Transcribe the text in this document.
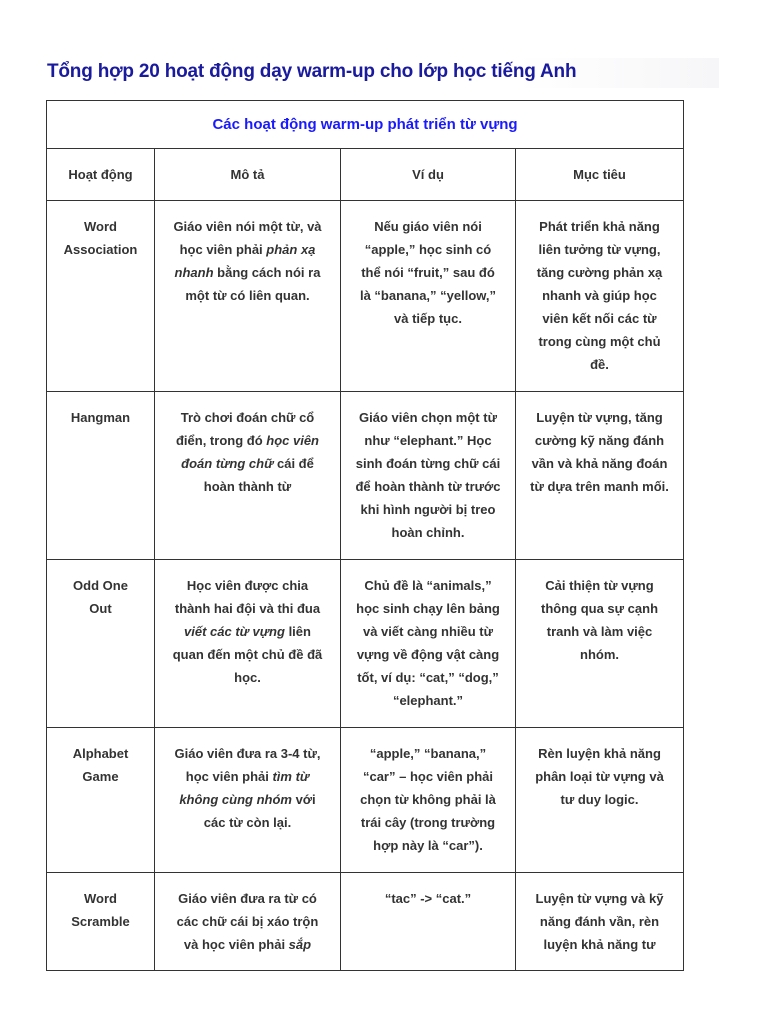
Tổng hợp 20 hoạt động dạy warm-up cho lớp học tiếng Anh
Các hoạt động warm-up phát triển từ vựng			
Hoạt động	Mô tả	Ví dụ	Mục tiêu
Word Association	Giáo viên nói một từ, và học viên phải phản xạ nhanh bằng cách nói ra một từ có liên quan.	Nếu giáo viên nói “apple,” học sinh có thể nói “fruit,” sau đó là “banana,” “yellow,” và tiếp tục.	Phát triển khả năng liên tưởng từ vựng, tăng cường phản xạ nhanh và giúp học viên kết nối các từ trong cùng một chủ đề.
Hangman	Trò chơi đoán chữ cổ điển, trong đó học viên đoán từng chữ cái để hoàn thành từ	Giáo viên chọn một từ như “elephant.” Học sinh đoán từng chữ cái để hoàn thành từ trước khi hình người bị treo hoàn chỉnh.	Luyện từ vựng, tăng cường kỹ năng đánh vần và khả năng đoán từ dựa trên manh mối.
Odd One Out	Học viên được chia thành hai đội và thi đua viết các từ vựng liên quan đến một chủ đề đã học.	Chủ đề là “animals,” học sinh chạy lên bảng và viết càng nhiều từ vựng về động vật càng tốt, ví dụ: “cat,” “dog,” “elephant.”	Cải thiện từ vựng thông qua sự cạnh tranh và làm việc nhóm.
Alphabet Game	Giáo viên đưa ra 3-4 từ, học viên phải tìm từ không cùng nhóm với các từ còn lại.	“apple,” “banana,” “car” – học viên phải chọn từ không phải là trái cây (trong trường hợp này là “car”).	Rèn luyện khả năng phân loại từ vựng và tư duy logic.
Word Scramble	Giáo viên đưa ra từ có các chữ cái bị xáo trộn và học viên phải sắp	“tac” -> “cat.”	Luyện từ vựng và kỹ năng đánh vần, rèn luyện khả năng tư
